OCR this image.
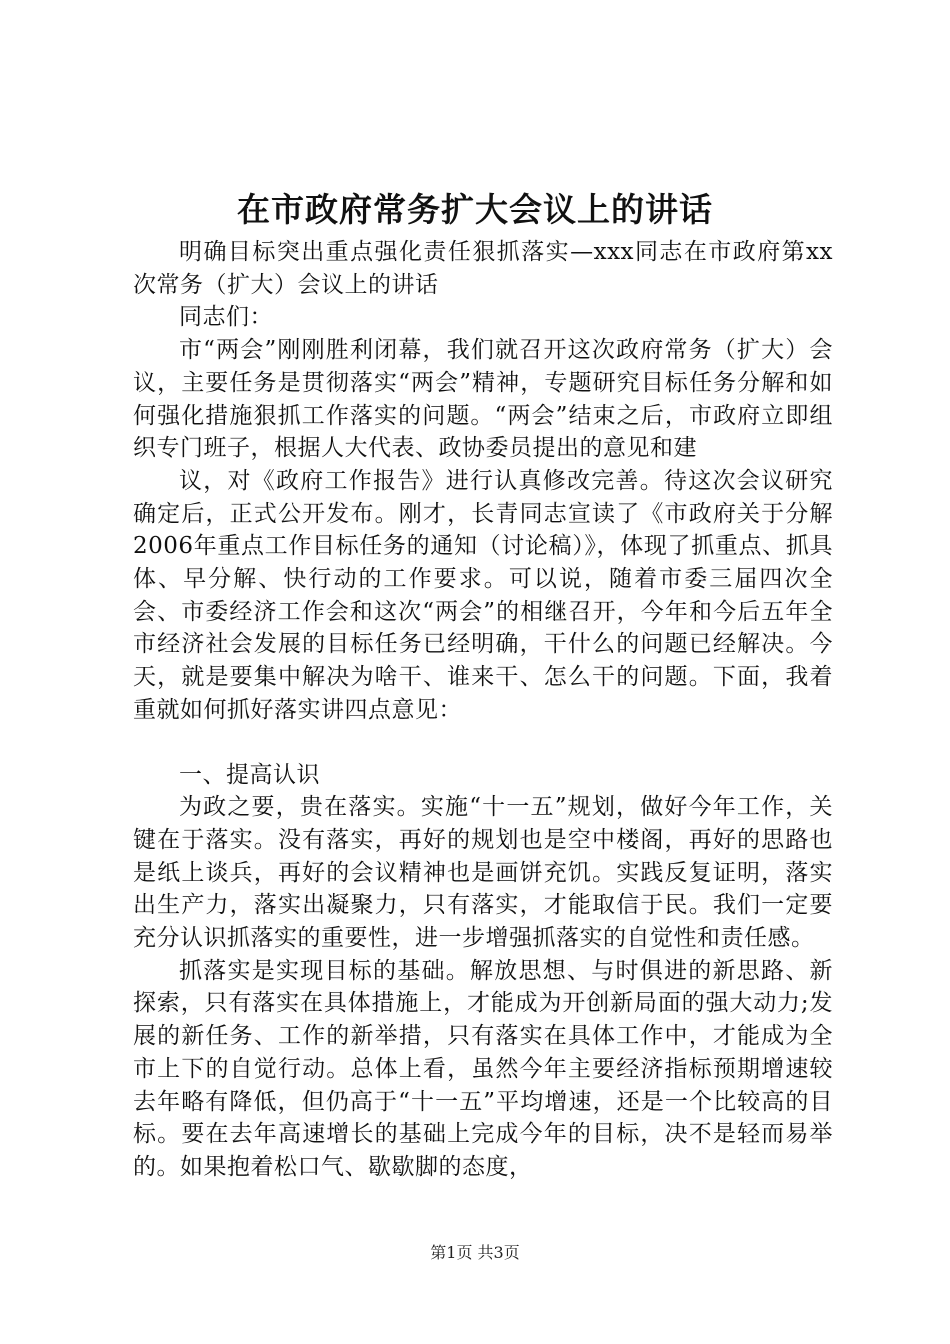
在市政府常务扩大会议上的讲话

明确目标突出重点强化责任狠抓落实—xxx同志在市政府第xx次常务（扩大）会议上的讲话

同志们：

市“两会”刚刚胜利闭幕，我们就召开这次政府常务（扩大）会议，主要任务是贯彻落实“两会”精神，专题研究目标任务分解和如何强化措施狠抓工作落实的问题。“两会”结束之后，市政府立即组织专门班子，根据人大代表、政协委员提出的意见和建

议，对《政府工作报告》进行认真修改完善。待这次会议研究确定后，正式公开发布。刚才，长青同志宣读了《市政府关于分解2006年重点工作目标任务的通知（讨论稿）》，体现了抓重点、抓具体、早分解、快行动的工作要求。可以说，随着市委三届四次全会、市委经济工作会和这次“两会”的相继召开，今年和今后五年全市经济社会发展的目标任务已经明确，干什么的问题已经解决。今天，就是要集中解决为啥干、谁来干、怎么干的问题。下面，我着重就如何抓好落实讲四点意见：

一、提高认识

为政之要，贵在落实。实施“十一五”规划，做好今年工作，关键在于落实。没有落实，再好的规划也是空中楼阁，再好的思路也是纸上谈兵，再好的会议精神也是画饼充饥。实践反复证明，落实出生产力，落实出凝聚力，只有落实，才能取信于民。我们一定要充分认识抓落实的重要性，进一步增强抓落实的自觉性和责任感。

抓落实是实现目标的基础。解放思想、与时俱进的新思路、新探索，只有落实在具体措施上，才能成为开创新局面的强大动力;发展的新任务、工作的新举措，只有落实在具体工作中，才能成为全市上下的自觉行动。总体上看，虽然今年主要经济指标预期增速较去年略有降低，但仍高于“十一五”平均增速，还是一个比较高的目标。要在去年高速增长的基础上完成今年的目标，决不是轻而易举的。如果抱着松口气、歇歇脚的态度，

第1页 共3页
